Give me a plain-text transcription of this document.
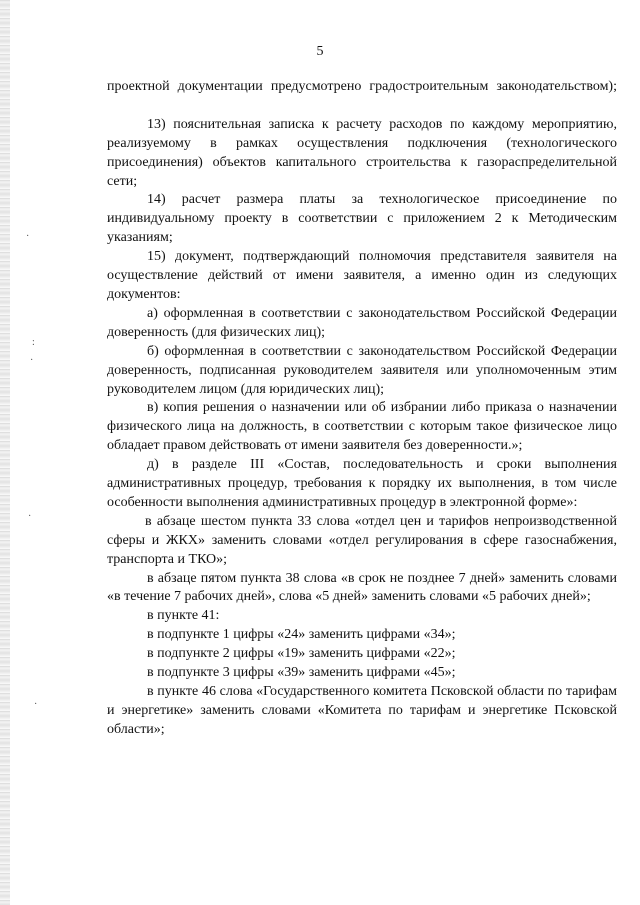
·
:
·
·
·
5

проектной документации предусмотрено градостроительным законодательством);

13) пояснительная записка к расчету расходов по каждому мероприятию, реализуемому в рамках осуществления подключения (технологического присоединения) объектов капитального строительства к газораспределительной сети;

14) расчет размера платы за технологическое присоединение по индивидуальному проекту в соответствии с приложением 2 к Методическим указаниям;

15) документ, подтверждающий полномочия представителя заявителя на осуществление действий от имени заявителя, а именно один из следующих документов:

а) оформленная в соответствии с законодательством Российской Федерации доверенность (для физических лиц);

б) оформленная в соответствии с законодательством Российской Федерации доверенность, подписанная руководителем заявителя или уполномоченным этим руководителем лицом (для юридических лиц);

в) копия решения о назначении или об избрании либо приказа о назначении физического лица на должность, в соответствии с которым такое физическое лицо обладает правом действовать от имени заявителя без доверенности.»;

д) в разделе III «Состав, последовательность и сроки выполнения административных процедур, требования к порядку их выполнения, в том числе особенности выполнения административных процедур в электронной форме»:

в абзаце шестом пункта 33 слова «отдел цен и тарифов непроизводственной сферы и ЖКХ» заменить словами «отдел регулирования в сфере газоснабжения, транспорта и ТКО»;

в абзаце пятом пункта 38 слова «в срок не позднее 7 дней» заменить словами «в течение 7 рабочих дней», слова «5 дней» заменить словами «5 рабочих дней»;

в пункте 41:

в подпункте 1 цифры «24» заменить цифрами «34»;

в подпункте 2 цифры «19» заменить цифрами «22»;

в подпункте 3 цифры «39» заменить цифрами «45»;

в пункте 46 слова «Государственного комитета Псковской области по тарифам и энергетике» заменить словами «Комитета по тарифам и энергетике Псковской области»;
